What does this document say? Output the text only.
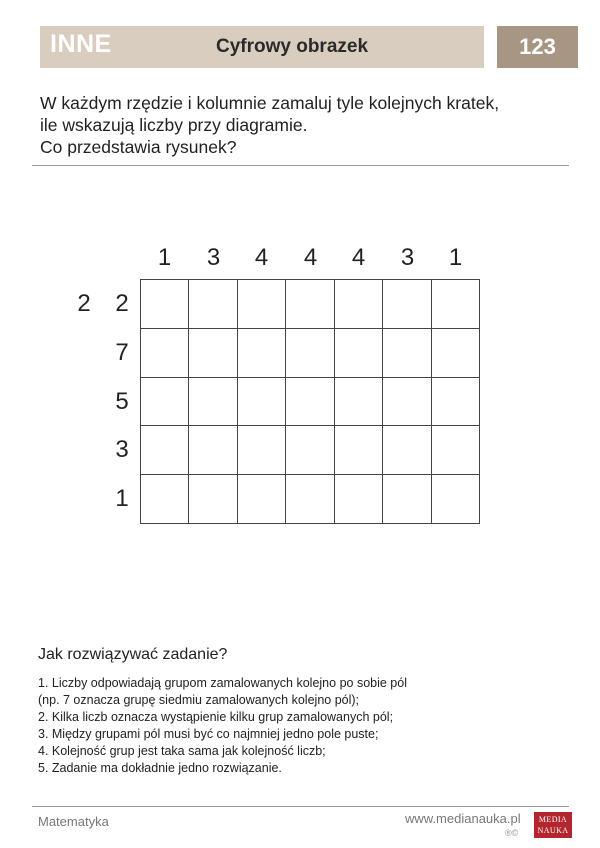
INNE	Cyfrowy obrazek	123
W każdym rzędzie i kolumnie zamaluj tyle kolejnych kratek,
ile wskazują liczby przy diagramie.
Co przedstawia rysunek?
1	3	4	4	4	3	1
2	2
7
5
3
1
Jak rozwiązywać zadanie?
1. Liczby odpowiadają grupom zamalowanych kolejno po sobie pól
(np. 7 oznacza grupę siedmiu zamalowanych kolejno pól);
2. Kilka liczb oznacza wystąpienie kilku grup zamalowanych pól;
3. Między grupami pól musi być co najmniej jedno pole puste;
4. Kolejność grup jest taka sama jak kolejność liczb;
5. Zadanie ma dokładnie jedno rozwiązanie.
Matematyka	www.medianauka.pl
®©
MEDIA
NAUKA
